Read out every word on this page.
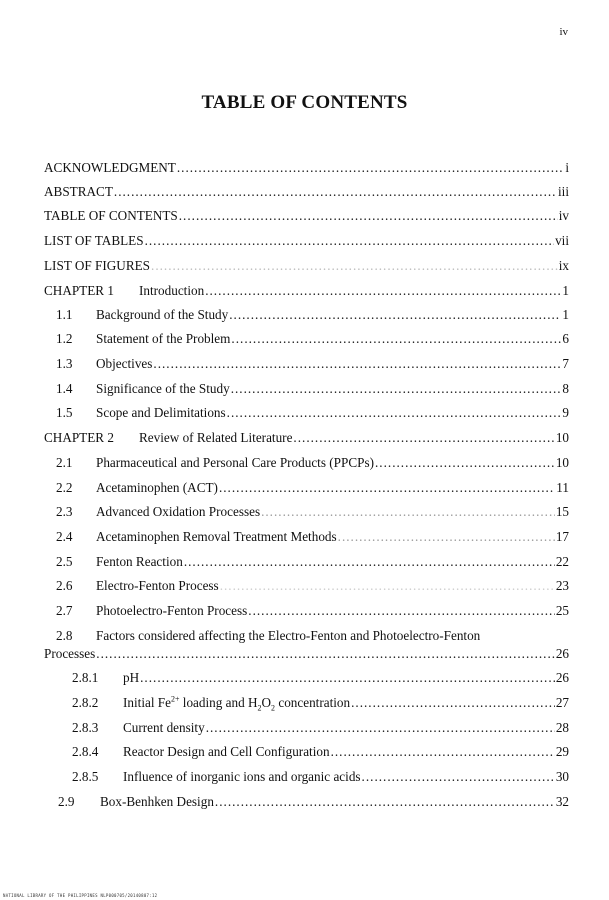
iv
TABLE OF CONTENTS
ACKNOWLEDGMENT .....	i
ABSTRACT .....	iii
TABLE OF CONTENTS .....	iv
LIST OF TABLES .....	vii
LIST OF FIGURES .....	ix
CHAPTER 1	Introduction .....	1
1.1	Background of the Study .....	1
1.2	Statement of the Problem .....	6
1.3	Objectives .....	7
1.4	Significance of the Study .....	8
1.5	Scope and Delimitations .....	9
CHAPTER 2	Review of Related Literature .....	10
2.1	Pharmaceutical and Personal Care Products (PPCPs) .....	10
2.2	Acetaminophen (ACT) .....	11
2.3	Advanced Oxidation Processes .....	15
2.4	Acetaminophen Removal Treatment Methods .....	17
2.5	Fenton Reaction .....	22
2.6	Electro-Fenton Process .....	23
2.7	Photoelectro-Fenton Process .....	25
2.8 Factors considered affecting the Electro-Fenton and Photoelectro-Fenton
Processes .....	26
2.8.1	pH .....	26
2.8.2	Initial $Fe^{2+}$ loading and $H_2O_2$ concentration .....	27
2.8.3	Current density .....	28
2.8.4	Reactor Design and Cell Configuration .....	29
2.8.5	Influence of inorganic ions and organic acids .....	30
2.9	Box-Benhken Design .....	32
NATIONAL LIBRARY OF THE PHILIPPINES NLP000705/20140807:12
